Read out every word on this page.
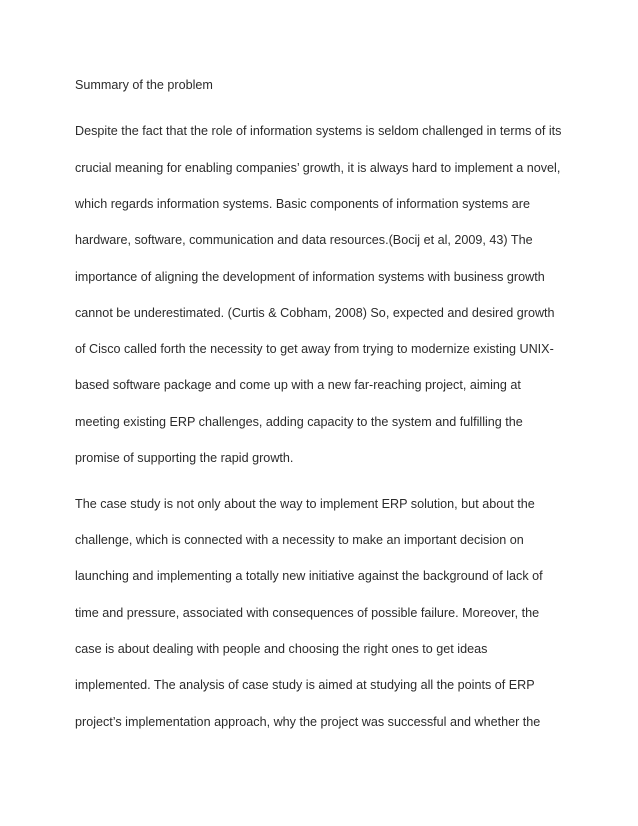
Summary of the problem

Despite the fact that the role of information systems is seldom challenged in terms of its

crucial meaning for enabling companies’ growth, it is always hard to implement a novel,

which regards information systems. Basic components of information systems are

hardware, software, communication and data resources.(Bocij et al, 2009, 43) The

importance of aligning the development of information systems with business growth

cannot be underestimated. (Curtis & Cobham, 2008) So, expected and desired growth

of Cisco called forth the necessity to get away from trying to modernize existing UNIX-

based software package and come up with a new far-reaching project, aiming at

meeting existing ERP challenges, adding capacity to the system and fulfilling the

promise of supporting the rapid growth.

The case study is not only about the way to implement ERP solution, but about the

challenge, which is connected with a necessity to make an important decision on

launching and implementing a totally new initiative against the background of lack of

time and pressure, associated with consequences of possible failure. Moreover, the

case is about dealing with people and choosing the right ones to get ideas

implemented. The analysis of case study is aimed at studying all the points of ERP

project’s implementation approach, why the project was successful and whether the
